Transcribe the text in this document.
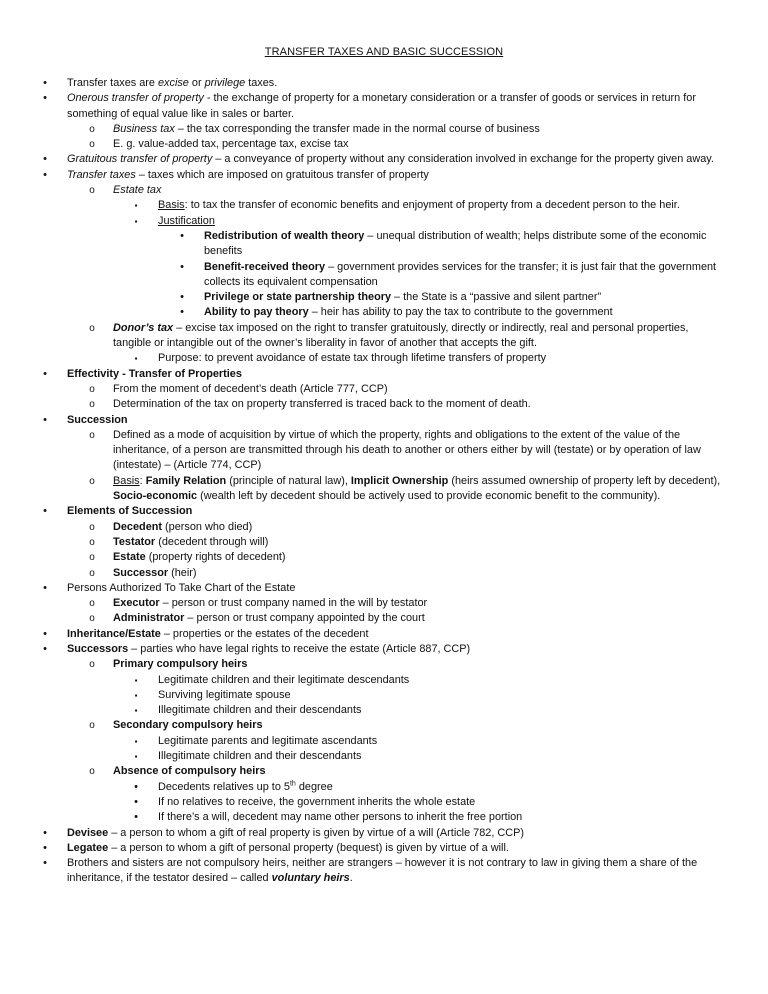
TRANSFER TAXES AND BASIC SUCCESSION
•	Transfer taxes are excise or privilege taxes.
•	Onerous transfer of property - the exchange of property for a monetary consideration or a transfer of goods or services in return for something of equal value like in sales or barter.
o Business tax – the tax corresponding the transfer made in the normal course of business
o E. g. value-added tax, percentage tax, excise tax
•	Gratuitous transfer of property – a conveyance of property without any consideration involved in exchange for the property given away.
•	Transfer taxes – taxes which are imposed on gratuitous transfer of property
o Estate tax
▪	Basis: to tax the transfer of economic benefits and enjoyment of property from a decedent person to the heir.
▪	Justification
•	Redistribution of wealth theory – unequal distribution of wealth; helps distribute some of the economic benefits
•	Benefit-received theory – government provides services for the transfer; it is just fair that the government collects its equivalent compensation
•	Privilege or state partnership theory – the State is a “passive and silent partner”
•	Ability to pay theory – heir has ability to pay the tax to contribute to the government
o Donor’s tax – excise tax imposed on the right to transfer gratuitously, directly or indirectly, real and personal properties, tangible or intangible out of the owner’s liberality in favor of another that accepts the gift.
▪	Purpose: to prevent avoidance of estate tax through lifetime transfers of property
•	Effectivity - Transfer of Properties
o From the moment of decedent’s death (Article 777, CCP)
o Determination of the tax on property transferred is traced back to the moment of death.
•	Succession
o Defined as a mode of acquisition by virtue of which the property, rights and obligations to the extent of the value of the inheritance, of a person are transmitted through his death to another or others either by will (testate) or by operation of law (intestate) – (Article 774, CCP)
o Basis: Family Relation (principle of natural law), Implicit Ownership (heirs assumed ownership of property left by decedent), Socio-economic (wealth left by decedent should be actively used to provide economic benefit to the community).
•	Elements of Succession
o Decedent (person who died)
o Testator (decedent through will)
o Estate (property rights of decedent)
o Successor (heir)
•	Persons Authorized To Take Chart of the Estate
o Executor – person or trust company named in the will by testator
o Administrator – person or trust company appointed by the court
•	Inheritance/Estate – properties or the estates of the decedent
•	Successors – parties who have legal rights to receive the estate (Article 887, CCP)
o Primary compulsory heirs
▪	Legitimate children and their legitimate descendants
▪	Surviving legitimate spouse
▪	Illegitimate children and their descendants
o Secondary compulsory heirs
▪	Legitimate parents and legitimate ascendants
▪	Illegitimate children and their descendants
o Absence of compulsory heirs
•	Decedents relatives up to 5th degree
•	If no relatives to receive, the government inherits the whole estate
•	If there’s a will, decedent may name other persons to inherit the free portion
•	Devisee – a person to whom a gift of real property is given by virtue of a will (Article 782, CCP)
•	Legatee – a person to whom a gift of personal property (bequest) is given by virtue of a will.
•	Brothers and sisters are not compulsory heirs, neither are strangers – however it is not contrary to law in giving them a share of the inheritance, if the testator desired – called voluntary heirs.
